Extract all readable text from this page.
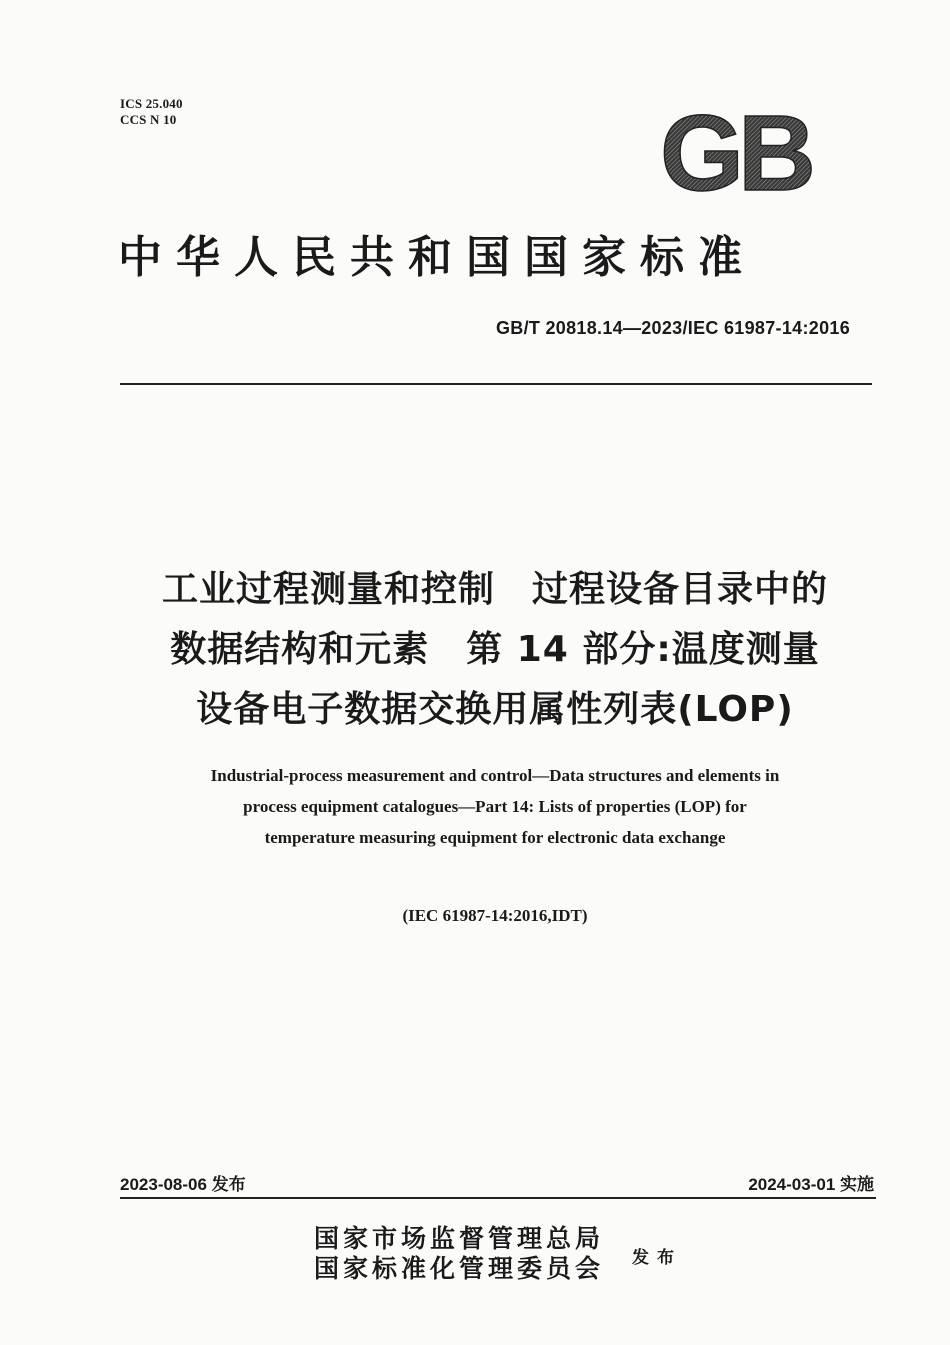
ICS 25.040
CCS N 10	GB
中华人民共和国国家标准
GB/T 20818.14—2023/IEC 61987-14:2016
工业过程测量和控制　过程设备目录中的
数据结构和元素　第 14 部分:温度测量
设备电子数据交换用属性列表(LOP)
Industrial-process measurement and control—Data structures and elements in
process equipment catalogues—Part 14: Lists of properties (LOP) for
temperature measuring equipment for electronic data exchange
(IEC 61987-14:2016,IDT)
2023-08-06 发布	2024-03-01 实施
国家市场监督管理总局
国家标准化管理委员会 发布
